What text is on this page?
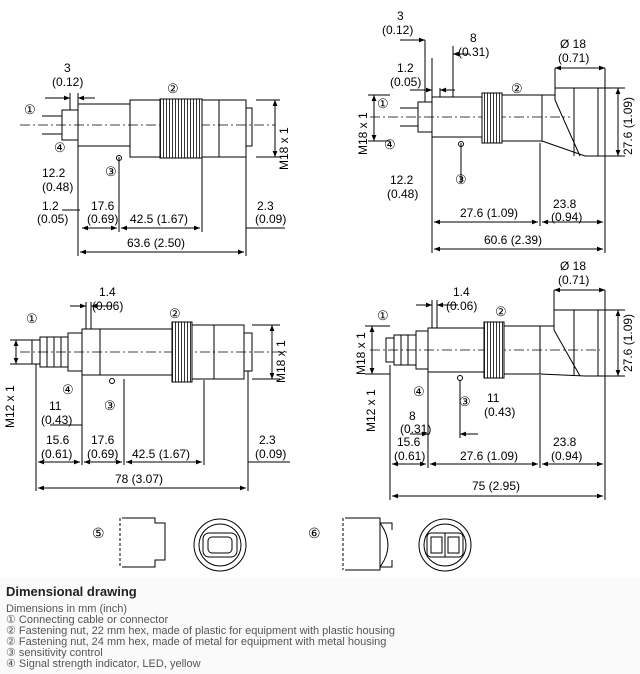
3
(0.12)
M18 x 1
12.2
(0.48)
1.2
(0.05)
17.6
(0.69) 42.5 (1.67)
2.3
(0.09)
63.6 (2.50)
①
②
③
④
3
(0.12)
8
(0.31)
1.2
(0.05)
Ø 18
(0.71)
M18 x 1	27.6 (1.09)
12.2
(0.48)
27.6 (1.09)
23.8
(0.94)
60.6 (2.39)
①
②
③
④
1.4
(0.06)
M12 x 1
M18 x 1
11
(0.43)
15.6
(0.61)
17.6
(0.69) 42.5 (1.67)
2.3
(0.09)
78 (3.07)
①	②
③
④
1.4
(0.06)
Ø 18
(0.71)
M18 x 1
M12 x 1
27.6 (1.09)
11
(0.43)
8
(0.31)
15.6
(0.61)	27.6 (1.09)
23.8
(0.94)
75 (2.95)
①	②
③
④
⑤	⑥
Dimensional drawing
Dimensions in mm (inch)
① Connecting cable or connector
② Fastening nut, 22 mm hex, made of plastic for equipment with plastic housing
② Fastening nut, 24 mm hex, made of metal for equipment with metal housing
③ sensitivity control
④ Signal strength indicator, LED, yellow
